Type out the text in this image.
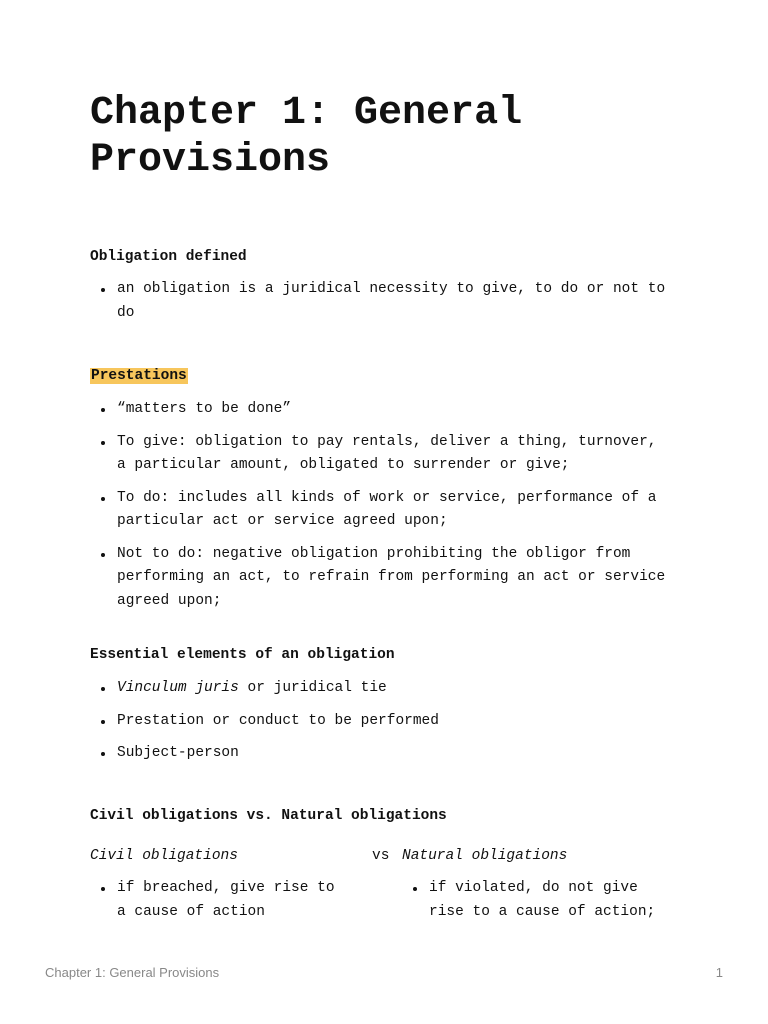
Chapter 1: General Provisions
Obligation defined
an obligation is a juridical necessity to give, to do or not to do
Prestations
“matters to be done”
To give: obligation to pay rentals, deliver a thing, turnover, a particular amount, obligated to surrender or give;
To do: includes all kinds of work or service, performance of a particular act or service agreed upon;
Not to do: negative obligation prohibiting the obligor from performing an act, to refrain from performing an act or service agreed upon;
Essential elements of an obligation
Vinculum juris or juridical tie
Prestation or conduct to be performed
Subject-person
Civil obligations vs. Natural obligations
Civil obligations	vs Natural obligations
if breached, give rise to a cause of action
if violated, do not give rise to a cause of action;
Chapter 1: General Provisions	1
